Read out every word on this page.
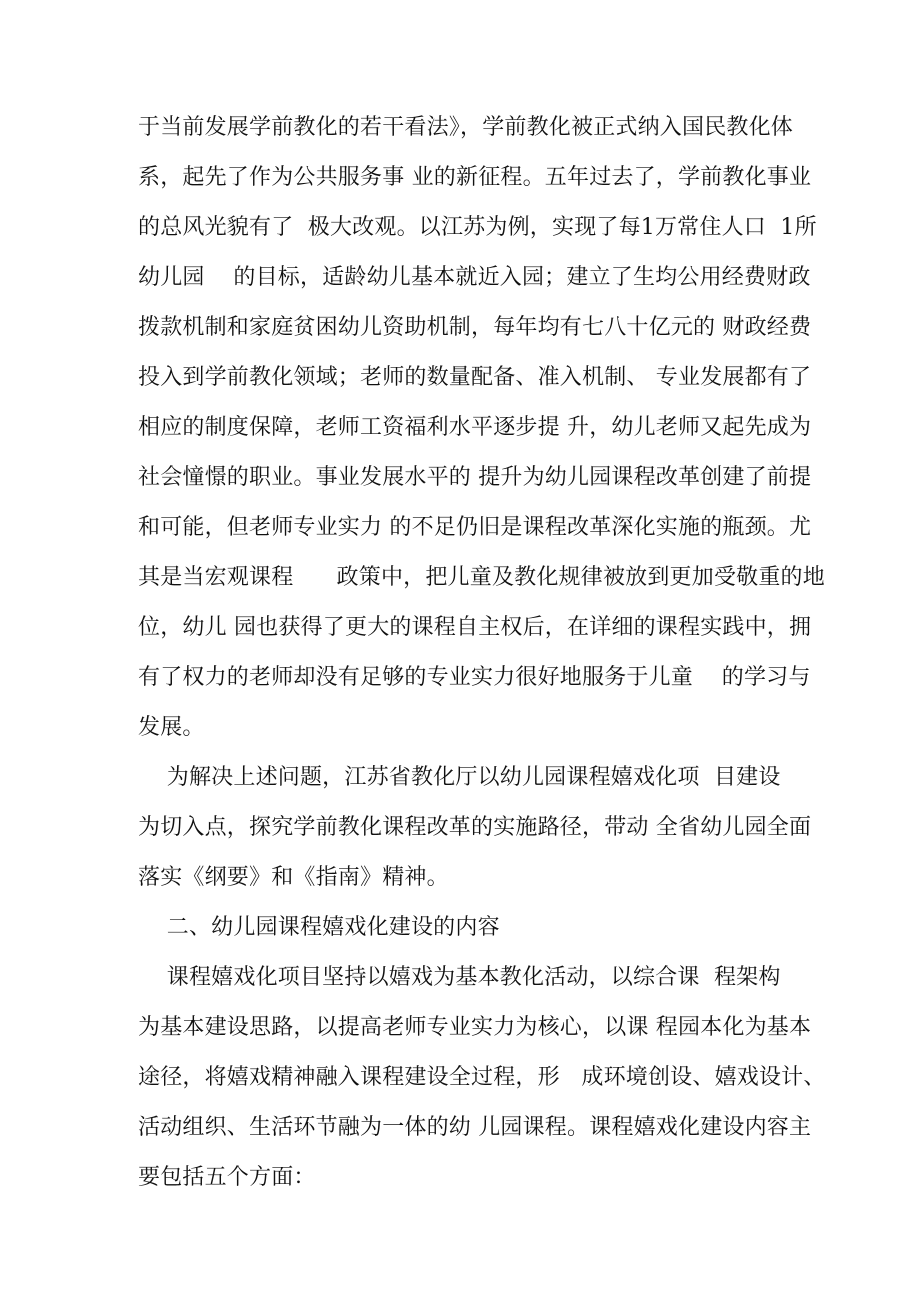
于当前发展学前教化的若干看法》，学前教化被正式纳入国民教化体
系，起先了作为公共服务事 业的新征程。五年过去了，学前教化事业
的总风光貌有了  极大改观。以江苏为例，实现了每1万常住人口  1所
幼儿园    的目标，适龄幼儿基本就近入园；建立了生均公用经费财政
拨款机制和家庭贫困幼儿资助机制，每年均有七八十亿元的 财政经费
投入到学前教化领域；老师的数量配备、准入机制、 专业发展都有了
相应的制度保障，老师工资福利水平逐步提 升，幼儿老师又起先成为
社会憧憬的职业。事业发展水平的 提升为幼儿园课程改革创建了前提
和可能，但老师专业实力 的不足仍旧是课程改革深化实施的瓶颈。尤
其是当宏观课程      政策中，把儿童及教化规律被放到更加受敬重的地
位，幼儿 园也获得了更大的课程自主权后，在详细的课程实践中，拥
有了权力的老师却没有足够的专业实力很好地服务于儿童    的学习与
发展。
为解决上述问题，江苏省教化厅以幼儿园课程嬉戏化项  目建设
为切入点，探究学前教化课程改革的实施路径，带动 全省幼儿园全面
落实《纲要》和《指南》精神。
二、幼儿园课程嬉戏化建设的内容
课程嬉戏化项目坚持以嬉戏为基本教化活动，以综合课  程架构
为基本建设思路，以提高老师专业实力为核心，以课 程园本化为基本
途径，将嬉戏精神融入课程建设全过程，形   成环境创设、嬉戏设计、
活动组织、生活环节融为一体的幼 儿园课程。课程嬉戏化建设内容主
要包括五个方面：
